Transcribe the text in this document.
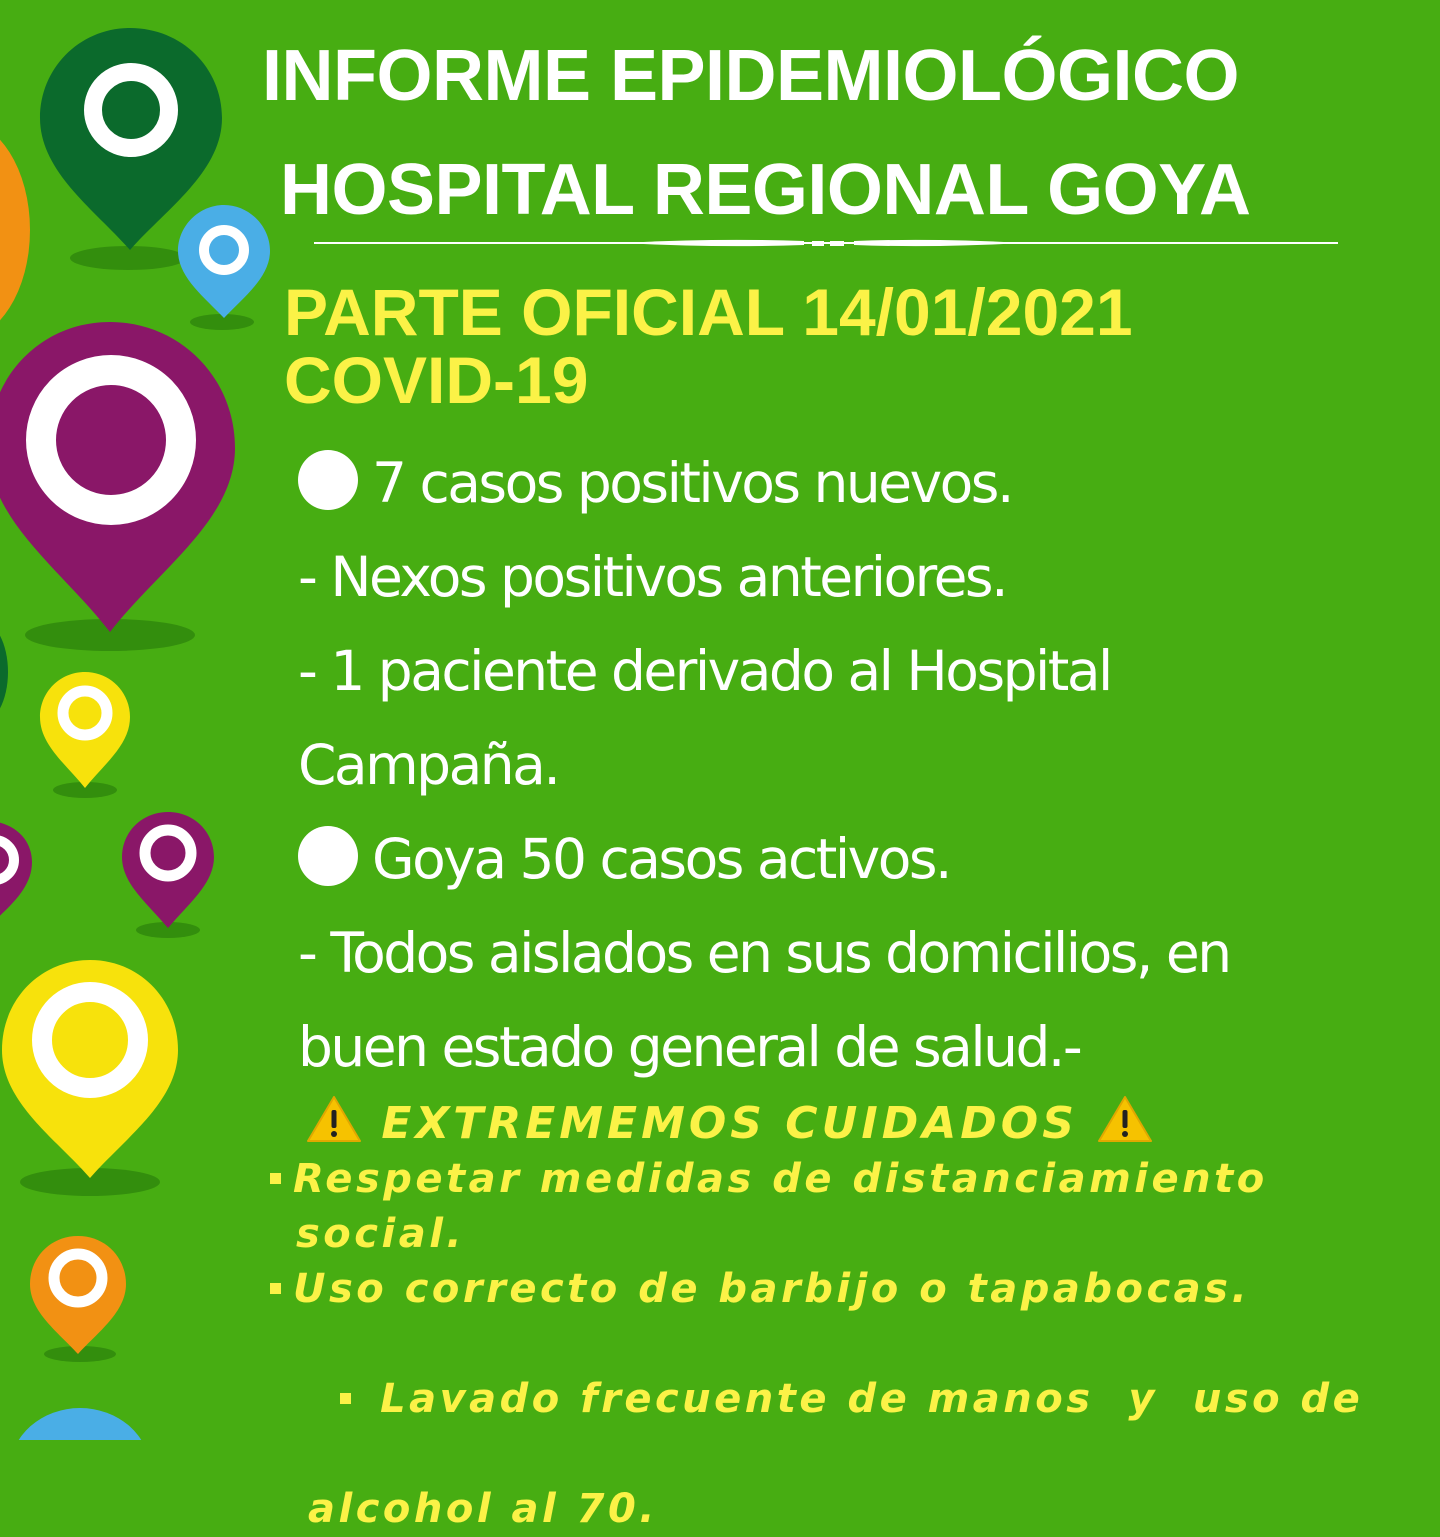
INFORME EPIDEMIOLÓGICO
HOSPITAL REGIONAL GOYA
PARTE OFICIAL 14/01/2021
COVID-19
7 casos positivos nuevos.
- Nexos positivos anteriores.
- 1 paciente derivado al Hospital
Campaña.
Goya 50 casos activos.
- Todos aislados en sus domicilios, en
buen estado general de salud.-
EXTREMEMOS CUIDADOS
Respetar medidas de distanciamiento
social.
Uso correcto de barbijo o tapabocas.

Lavado frecuente de manos  y  uso de

alcohol al 70.
